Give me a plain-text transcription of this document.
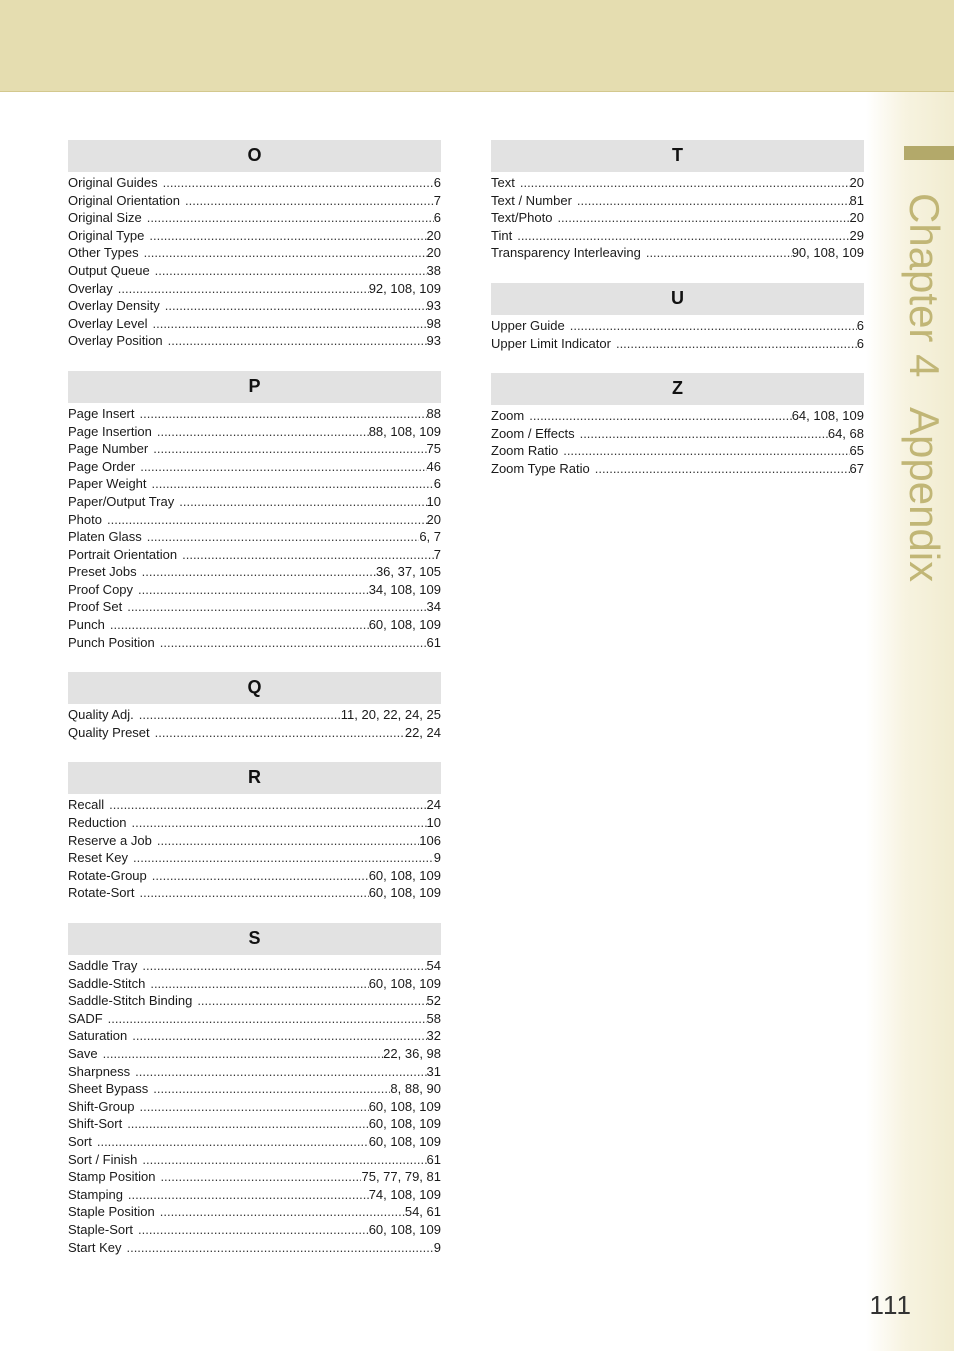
Chapter 4Appendix
O
Original Guides .....	6
Original Orientation .....	7
Original Size .....	6
Original Type .....	20
Other Types .....	20
Output Queue .....	38
Overlay .....	92, 108, 109
Overlay Density .....	93
Overlay Level .....	98
Overlay Position .....	93
P
Page Insert .....	88
Page Insertion .....	88, 108, 109
Page Number .....	75
Page Order .....	46
Paper Weight .....	6
Paper/Output Tray .....	10
Photo .....	20
Platen Glass .....	6, 7
Portrait Orientation .....	7
Preset Jobs .....	36, 37, 105
Proof Copy .....	34, 108, 109
Proof Set .....	34
Punch .....	60, 108, 109
Punch Position .....	61
Q
Quality Adj. .....	11, 20, 22, 24, 25
Quality Preset .....	22, 24
R
Recall .....	24
Reduction .....	10
Reserve a Job .....	106
Reset Key .....	9
Rotate-Group .....	60, 108, 109
Rotate-Sort .....	60, 108, 109
S
Saddle Tray .....	54
Saddle-Stitch .....	60, 108, 109
Saddle-Stitch Binding .....	52
SADF .....	58
Saturation .....	32
Save .....	22, 36, 98
Sharpness .....	31
Sheet Bypass .....	8, 88, 90
Shift-Group .....	60, 108, 109
Shift-Sort .....	60, 108, 109
Sort .....	60, 108, 109
Sort / Finish .....	61
Stamp Position .....	75, 77, 79, 81
Stamping .....	74, 108, 109
Staple Position .....	54, 61
Staple-Sort .....	60, 108, 109
Start Key .....	9
T
Text .....	20
Text / Number .....	81
Text/Photo .....	20
Tint .....	29
Transparency Interleaving .....	90, 108, 109
U
Upper Guide .....	6
Upper Limit Indicator .....	6
Z
Zoom .....	64, 108, 109
Zoom / Effects .....	64, 68
Zoom Ratio .....	65
Zoom Type Ratio .....	67
111
